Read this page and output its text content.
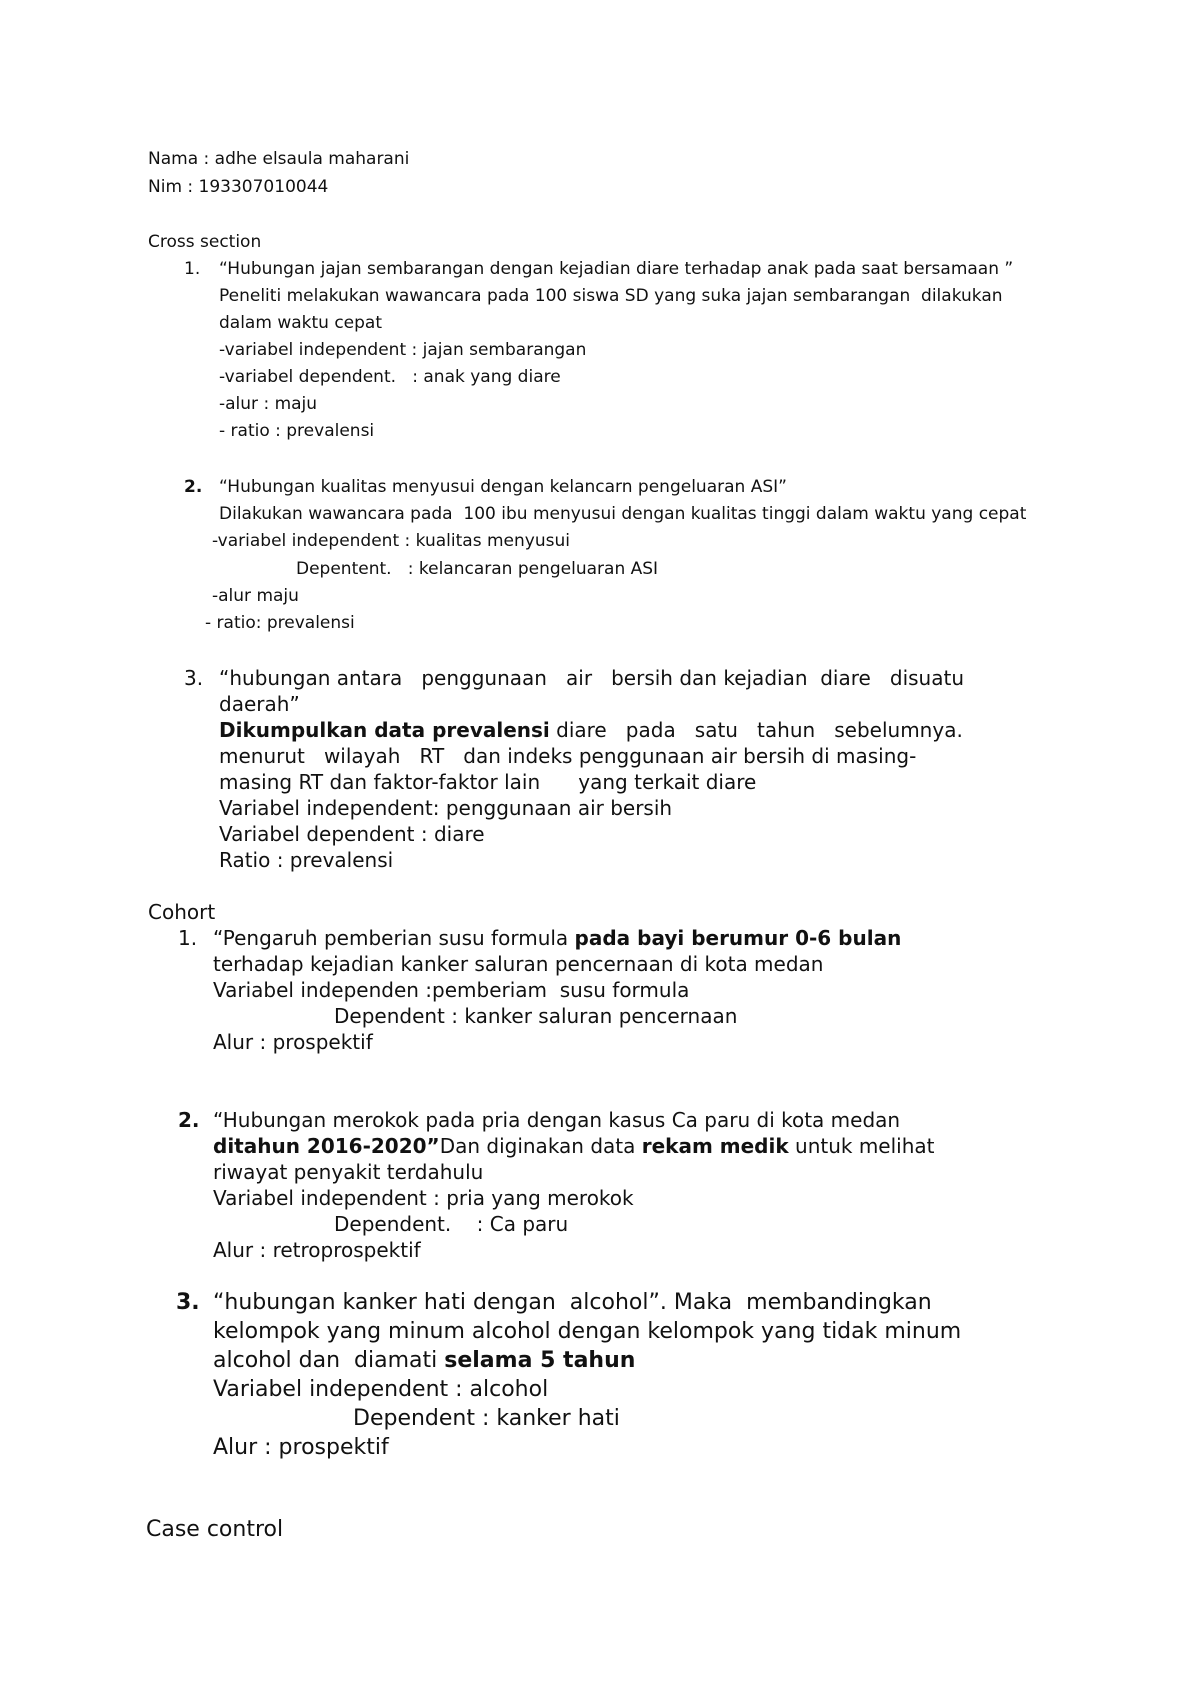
Nama : adhe elsaula maharani
Nim : 193307010044
Cross section
1. “Hubungan jajan sembarangan dengan kejadian diare terhadap anak pada saat bersamaan ”
Peneliti melakukan wawancara pada 100 siswa SD yang suka jajan sembarangan  dilakukan
dalam waktu cepat
-variabel independent : jajan sembarangan
-variabel dependent.   : anak yang diare
-alur : maju
- ratio : prevalensi
2. “Hubungan kualitas menyusui dengan kelancarn pengeluaran ASI”
Dilakukan wawancara pada  100 ibu menyusui dengan kualitas tinggi dalam waktu yang cepat
-variabel independent : kualitas menyusui
Depentent.   : kelancaran pengeluaran ASI
-alur maju
- ratio: prevalensi
3. “hubungan antara   penggunaan   air   bersih dan kejadian  diare   disuatu
daerah”
Dikumpulkan data prevalensi diare   pada   satu   tahun   sebelumnya.
menurut   wilayah   RT   dan indeks penggunaan air bersih di masing-
masing RT dan faktor-faktor lain      yang terkait diare
Variabel independent: penggunaan air bersih
Variabel dependent : diare
Ratio : prevalensi
Cohort
1. “Pengaruh pemberian susu formula pada bayi berumur 0-6 bulan
terhadap kejadian kanker saluran pencernaan di kota medan
Variabel independen :pemberiam  susu formula
Dependent : kanker saluran pencernaan
Alur : prospektif
2. “Hubungan merokok pada pria dengan kasus Ca paru di kota medan
ditahun 2016-2020”Dan diginakan data rekam medik untuk melihat
riwayat penyakit terdahulu
Variabel independent : pria yang merokok
Dependent.    : Ca paru
Alur : retroprospektif
3. “hubungan kanker hati dengan  alcohol”. Maka  membandingkan
kelompok yang minum alcohol dengan kelompok yang tidak minum
alcohol dan  diamati selama 5 tahun
Variabel independent : alcohol
Dependent : kanker hati
Alur : prospektif
Case control
